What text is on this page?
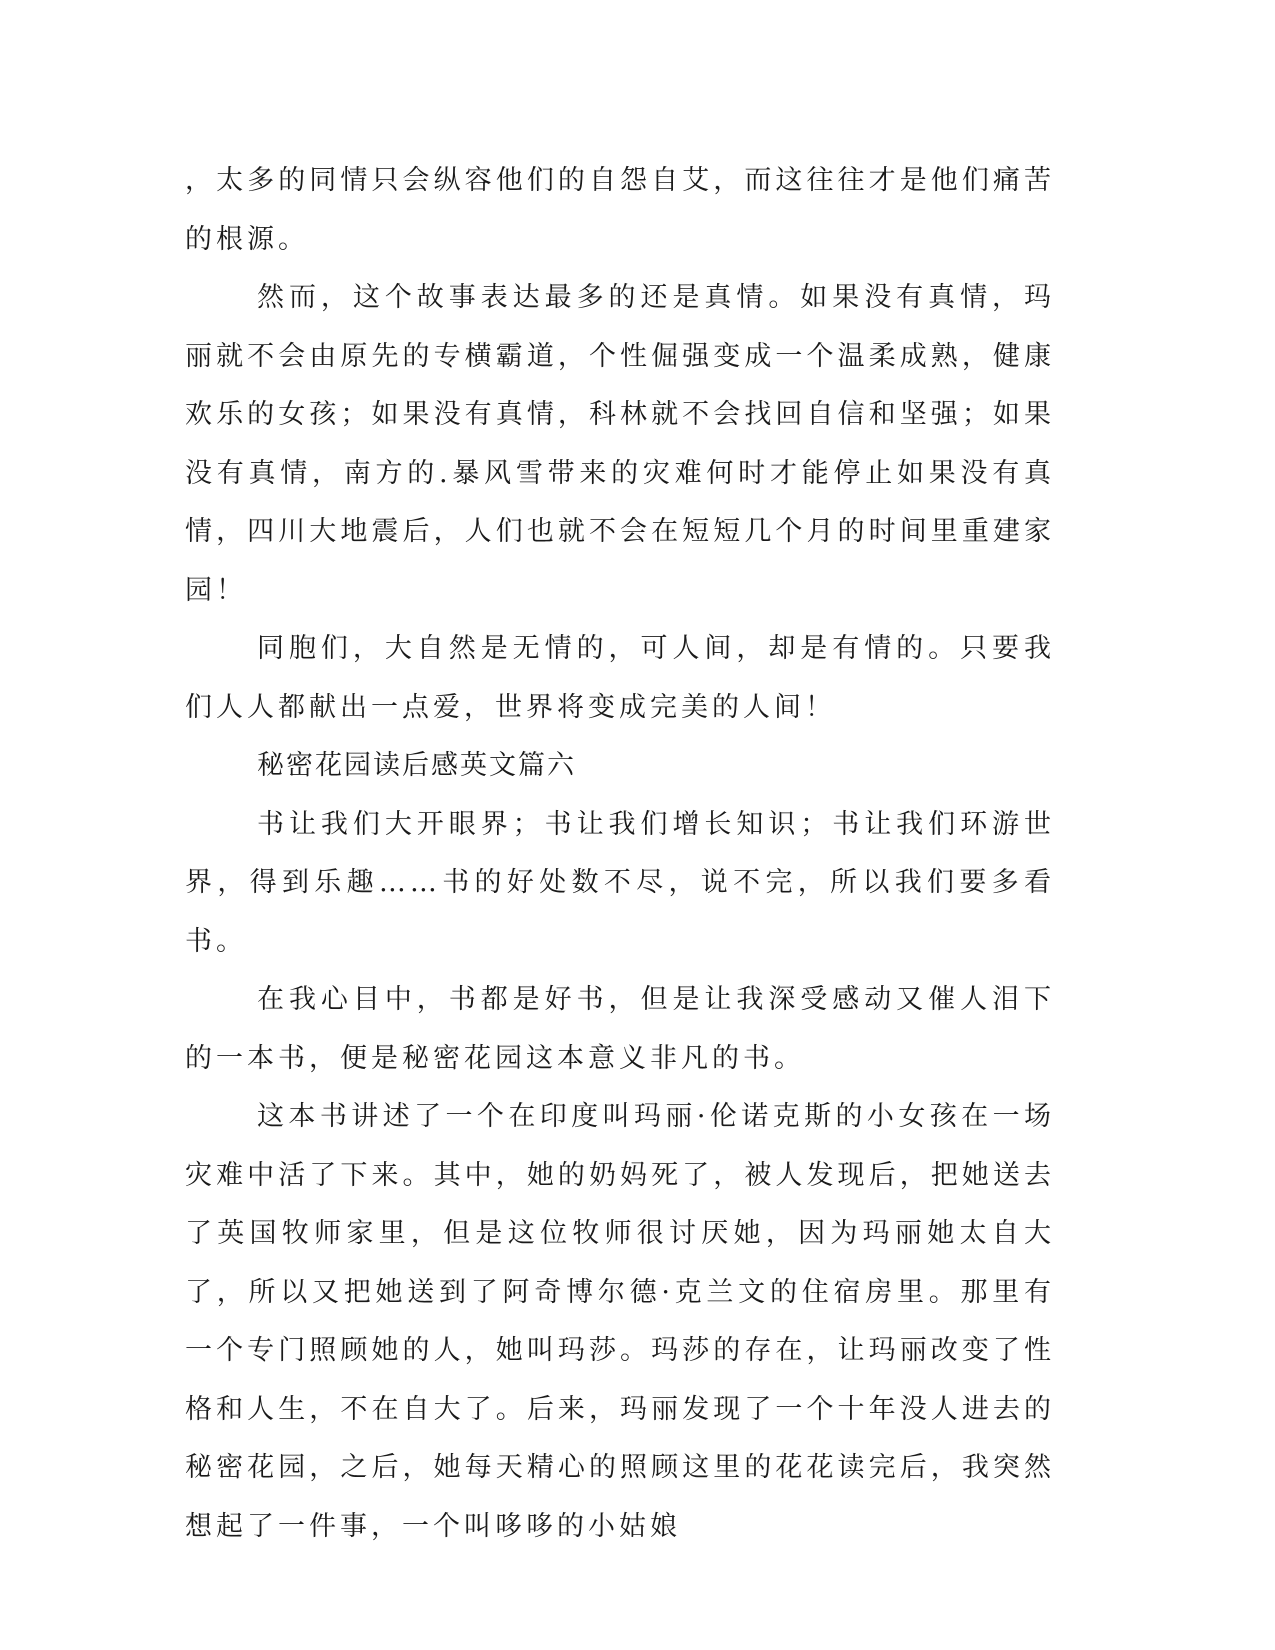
，太多的同情只会纵容他们的自怨自艾，而这往往才是他们痛苦的根源。

然而，这个故事表达最多的还是真情。如果没有真情，玛丽就不会由原先的专横霸道，个性倔强变成一个温柔成熟，健康欢乐的女孩；如果没有真情，科林就不会找回自信和坚强；如果没有真情，南方的.暴风雪带来的灾难何时才能停止如果没有真情，四川大地震后，人们也就不会在短短几个月的时间里重建家园！

同胞们，大自然是无情的，可人间，却是有情的。只要我们人人都献出一点爱，世界将变成完美的人间！

秘密花园读后感英文篇六

书让我们大开眼界；书让我们增长知识；书让我们环游世界，得到乐趣……书的好处数不尽，说不完，所以我们要多看书。

在我心目中，书都是好书，但是让我深受感动又催人泪下的一本书，便是秘密花园这本意义非凡的书。

这本书讲述了一个在印度叫玛丽·伦诺克斯的小女孩在一场灾难中活了下来。其中，她的奶妈死了，被人发现后，把她送去了英国牧师家里，但是这位牧师很讨厌她，因为玛丽她太自大了，所以又把她送到了阿奇博尔德·克兰文的住宿房里。那里有一个专门照顾她的人，她叫玛莎。玛莎的存在，让玛丽改变了性格和人生，不在自大了。后来，玛丽发现了一个十年没人进去的秘密花园，之后，她每天精心的照顾这里的花花读完后，我突然想起了一件事，一个叫哆哆的小姑娘
